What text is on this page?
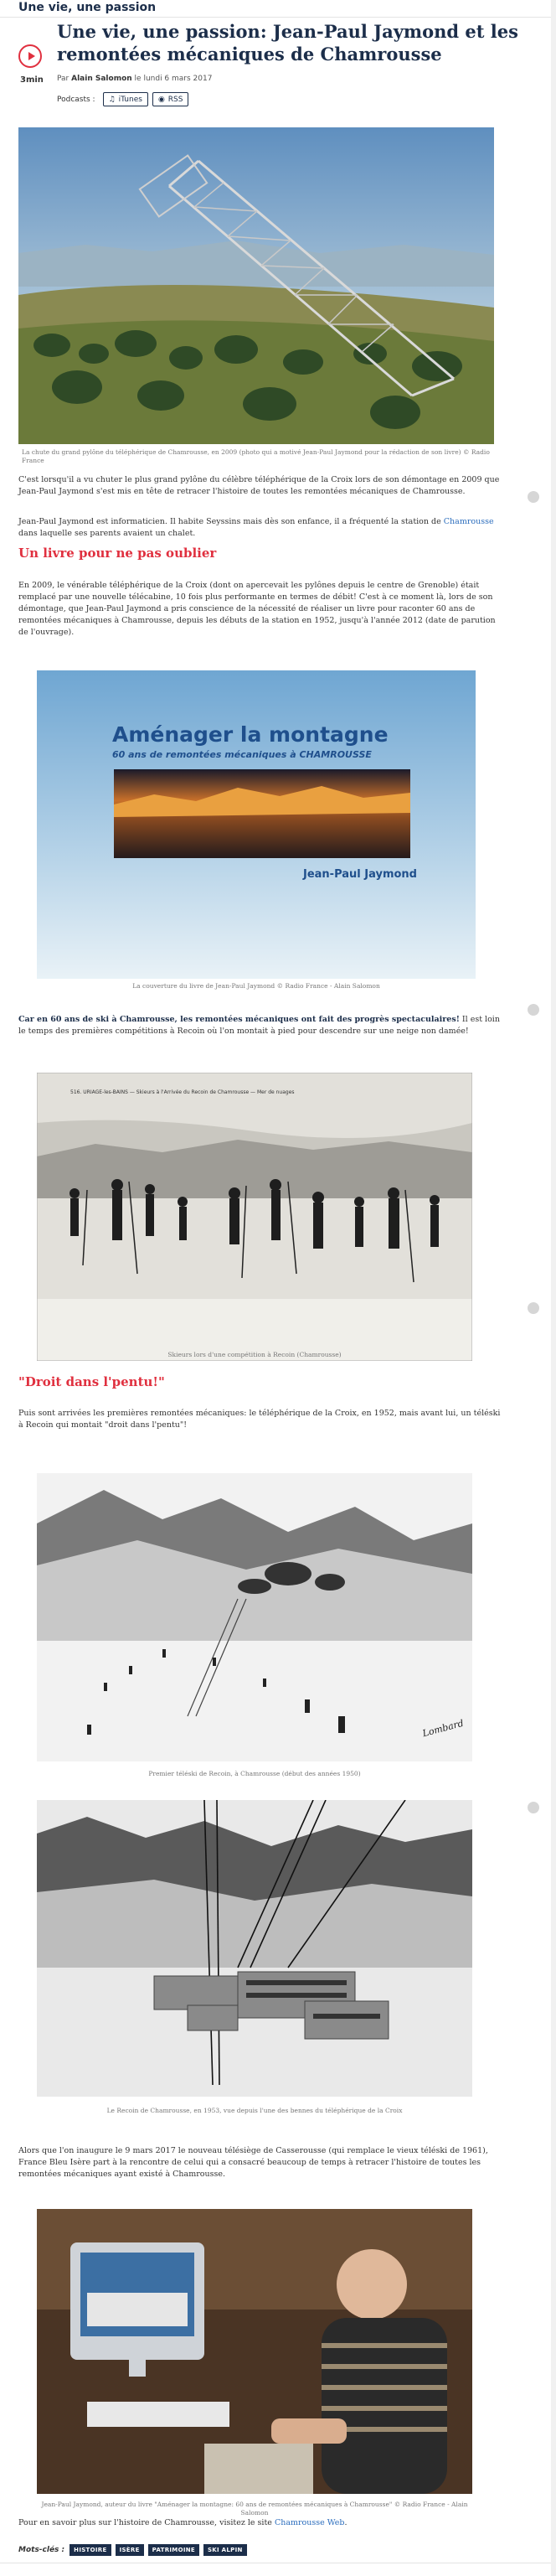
Une vie, une passion
3min
Une vie, une passion: Jean-Paul Jaymond et les remontées mécaniques de Chamrousse
Par Alain Salomon le lundi 6 mars 2017
Podcasts : ♫ iTunes ◉ RSS
La chute du grand pylône du téléphérique de Chamrousse, en 2009 (photo qui a motivé Jean-Paul Jaymond pour la rédaction de son livre) © Radio France

C'est lorsqu'il a vu chuter le plus grand pylône du célèbre téléphérique de la Croix lors de son démontage en 2009 que Jean-Paul Jaymond s'est mis en tête de retracer l'histoire de toutes les remontées mécaniques de Chamrousse.

Jean-Paul Jaymond est informaticien. Il habite Seyssins mais dès son enfance, il a fréquenté la station de Chamrousse dans laquelle ses parents avaient un chalet.

Un livre pour ne pas oublier

En 2009, le vénérable téléphérique de la Croix (dont on apercevait les pylônes depuis le centre de Grenoble) était remplacé par une nouvelle télécabine, 10 fois plus performante en termes de débit! C'est à ce moment là, lors de son démontage, que Jean-Paul Jaymond a pris conscience de la nécessité de réaliser un livre pour raconter 60 ans de remontées mécaniques à Chamrousse, depuis les débuts de la station en 1952, jusqu'à l'année 2012 (date de parution de l'ouvrage).

Aménager la montagne
60 ans de remontées mécaniques à CHAMROUSSE
Jean-Paul Jaymond
La couverture du livre de Jean-Paul Jaymond © Radio France - Alain Salomon

Car en 60 ans de ski à Chamrousse, les remontées mécaniques ont fait des progrès spectaculaires! Il est loin le temps des premières compétitions à Recoin où l'on montait à pied pour descendre sur une neige non damée!

516. URIAGE-les-BAINS — Skieurs à l'Arrivée du Recoin de Chamrousse — Mer de nuages
Skieurs lors d'une compétition à Recoin (Chamrousse)
"Droit dans l'pentu!"

Puis sont arrivées les premières remontées mécaniques: le téléphérique de la Croix, en 1952, mais avant lui, un téléski à Recoin qui montait "droit dans l'pentu"!

Lombard
Premier téléski de Recoin, à Chamrousse (début des années 1950)
Le Recoin de Chamrousse, en 1953, vue depuis l'une des bennes du téléphérique de la Croix

Alors que l'on inaugure le 9 mars 2017 le nouveau télésiège de Casserousse (qui remplace le vieux téléski de 1961), France Bleu Isère part à la rencontre de celui qui a consacré beaucoup de temps à retracer l'histoire de toutes les remontées mécaniques ayant existé à Chamrousse.

Jean-Paul Jaymond, auteur du livre "Aménager la montagne: 60 ans de remontées mécaniques à Chamrousse" © Radio France - Alain Salomon

Pour en savoir plus sur l'histoire de Chamrousse, visitez le site Chamrousse Web.

Mots-clés :	HISTOIRE	ISÈRE	PATRIMOINE	SKI ALPIN
